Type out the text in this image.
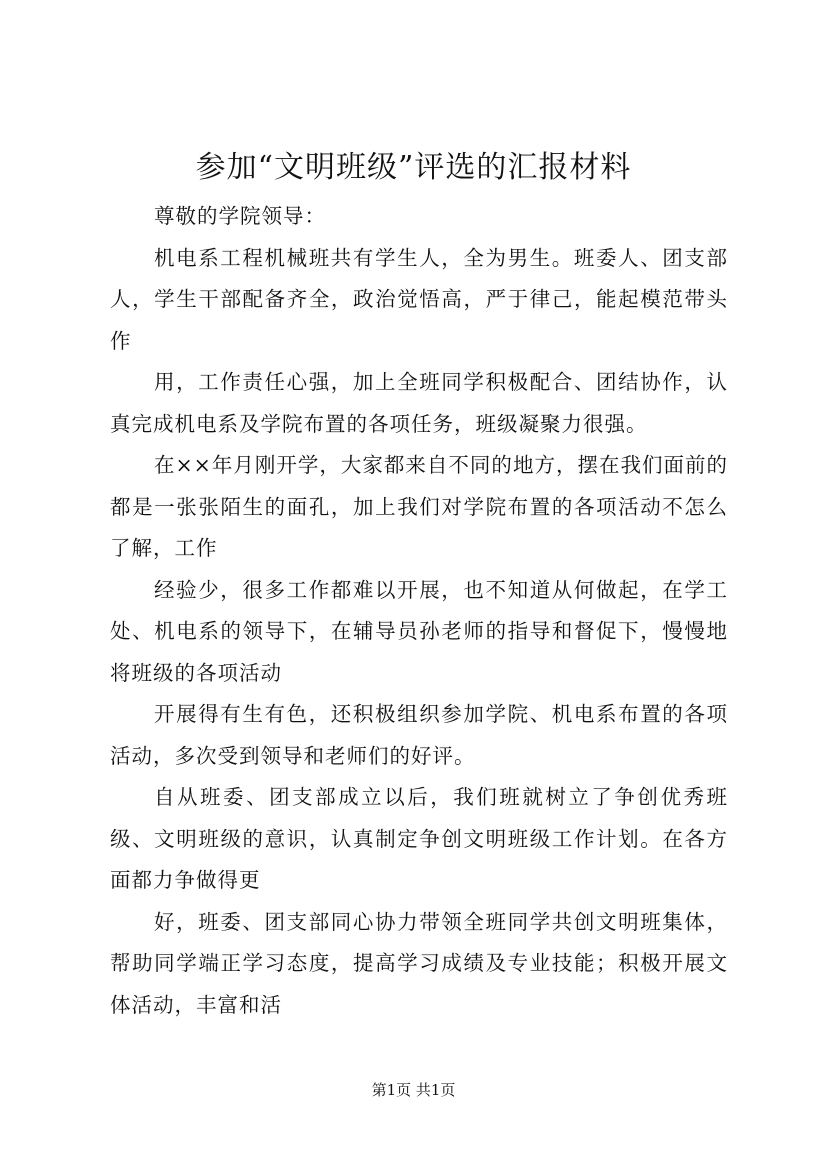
参加“文明班级”评选的汇报材料

尊敬的学院领导：

机电系工程机械班共有学生人，全为男生。班委人、团支部人，学生干部配备齐全，政治觉悟高，严于律己，能起模范带头作

用，工作责任心强，加上全班同学积极配合、团结协作，认真完成机电系及学院布置的各项任务，班级凝聚力很强。

在××年月刚开学，大家都来自不同的地方，摆在我们面前的都是一张张陌生的面孔，加上我们对学院布置的各项活动不怎么了解，工作

经验少，很多工作都难以开展，也不知道从何做起，在学工处、机电系的领导下，在辅导员孙老师的指导和督促下，慢慢地将班级的各项活动

开展得有生有色，还积极组织参加学院、机电系布置的各项活动，多次受到领导和老师们的好评。

自从班委、团支部成立以后，我们班就树立了争创优秀班级、文明班级的意识，认真制定争创文明班级工作计划。在各方面都力争做得更

好，班委、团支部同心协力带领全班同学共创文明班集体，帮助同学端正学习态度，提高学习成绩及专业技能；积极开展文体活动，丰富和活

第1页 共1页
